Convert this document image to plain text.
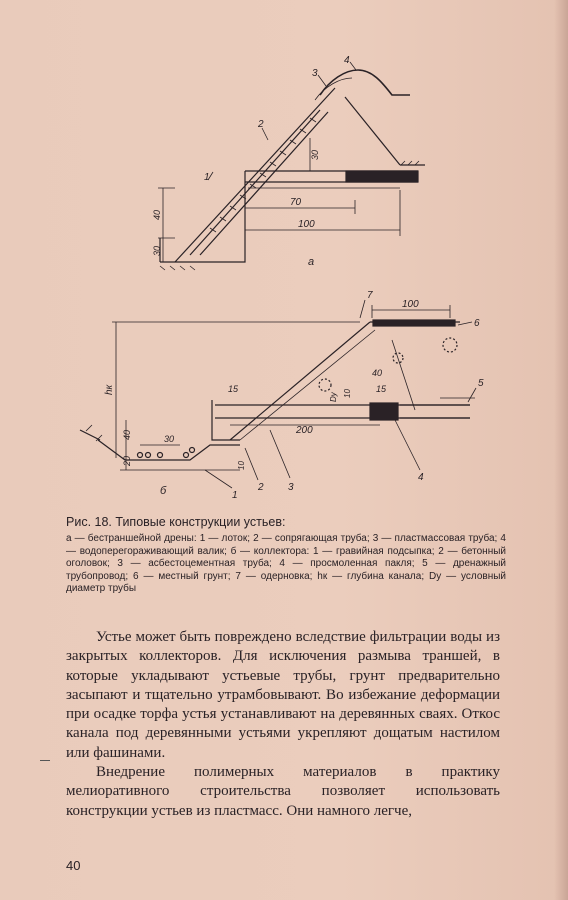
1
2
3
4
70
100
30
40
30
а
7
100
6
hк	15
40
15
10
Dу
5
200
40	30
20	10
4
3
2
1
б
Рис. 18. Типовые конструкции устьев:
а — бестраншейной дрены: 1 — лоток; 2 — сопрягающая труба; 3 — пластмассовая труба; 4 — водоперегораживающий валик; б — коллектора: 1 — гравийная подсыпка; 2 — бетонный оголовок; 3 — асбестоцементная труба; 4 — просмоленная пакля; 5 — дренажный трубопровод; 6 — местный грунт; 7 — одерновка; hк — глубина канала; Dу — условный диаметр трубы

Устье может быть повреждено вследствие фильтрации воды из закрытых коллекторов. Для исключения размыва траншей, в которые укладывают устьевые трубы, грунт предварительно засыпают и тщательно утрамбовывают. Во избежание деформации при осадке торфа устья устанавливают на деревянных сваях. Откос канала под деревянными устьями укрепляют дощатым настилом или фашинами.

Внедрение полимерных материалов в практику мелиоративного строительства позволяет использовать конструкции устьев из пластмасс. Они намного легче,

40
